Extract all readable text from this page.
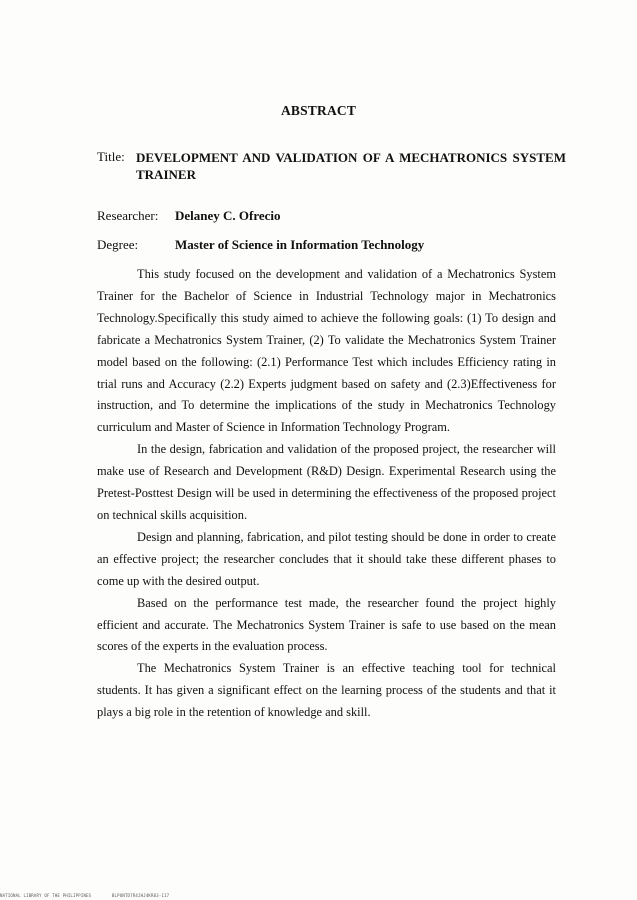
ABSTRACT
Title: DEVELOPMENT AND VALIDATION OF A MECHATRONICS SYSTEM TRAINER
Researcher: Delaney C. Ofrecio
Degree:	Master of Science in Information Technology

This study focused on the development and validation of a Mechatronics System Trainer for the Bachelor of Science in Industrial Technology major in Mechatronics Technology.Specifically this study aimed to achieve the following goals: (1) To design and fabricate a Mechatronics System Trainer, (2) To validate the Mechatronics System Trainer model based on the following: (2.1) Performance Test which includes Efficiency rating in trial runs and Accuracy (2.2) Experts judgment based on safety and (2.3)Effectiveness for instruction, and To determine the implications of the study in Mechatronics Technology curriculum and Master of Science in Information Technology Program.

In the design, fabrication and validation of the proposed project, the researcher will make use of Research and Development (R&D) Design. Experimental Research using the Pretest-Posttest Design will be used in determining the effectiveness of the proposed project on technical skills acquisition.

Design and planning, fabrication, and pilot testing should be done in order to create an effective project; the researcher concludes that it should take these different phases to come up with the desired output.

Based on the performance test made, the researcher found the project highly efficient and accurate. The Mechatronics System Trainer is safe to use based on the mean scores of the experts in the evaluation process.

The Mechatronics System Trainer is an effective teaching tool for technical students. It has given a significant effect on the learning process of the students and that it plays a big role in the retention of knowledge and skill.

NATIONAL LIBRARY OF THE PHILIPPINES	BLPONTD7R4JHJ4KR03-117
